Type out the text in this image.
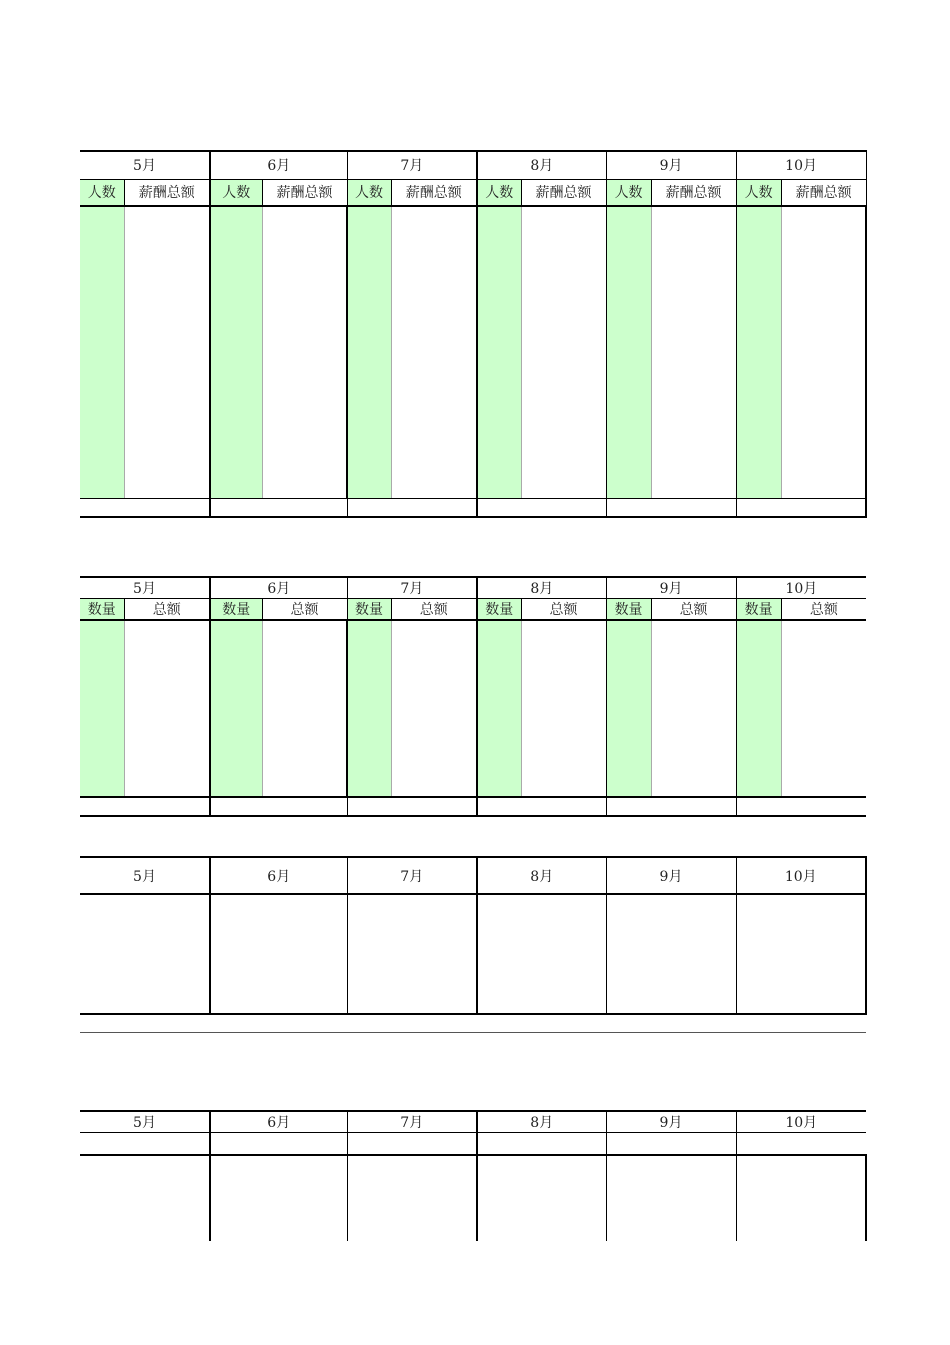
5月		6月		7月		8月		9月		10月	
人数	薪酬总额	人数	薪酬总额	人数	薪酬总额	人数	薪酬总额	人数	薪酬总额	人数	薪酬总额

5月		6月		7月		8月		9月		10月	
数量	总额	数量	总额	数量	总额	数量	总额	数量	总额	数量	总额

5月	6月	7月	8月	9月	10月

5月	6月	7月	8月	9月	10月
